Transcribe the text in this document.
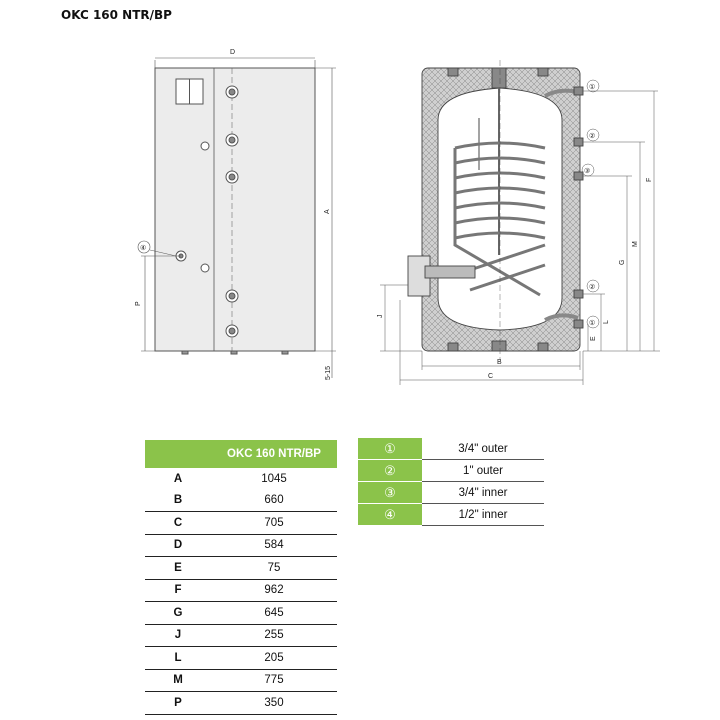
OKC 160 NTR/BP
D
A
P
5-15
④
①
②
③
②
①
B
C
J
E
L
G
M
F
	OKC 160 NTR/BP
A	1045
B	660
C	705
D	584
E	75
F	962
G	645
J	255
L	205
M	775
P	350
①	3/4" outer
②	1" outer
③	3/4" inner
④	1/2" inner
